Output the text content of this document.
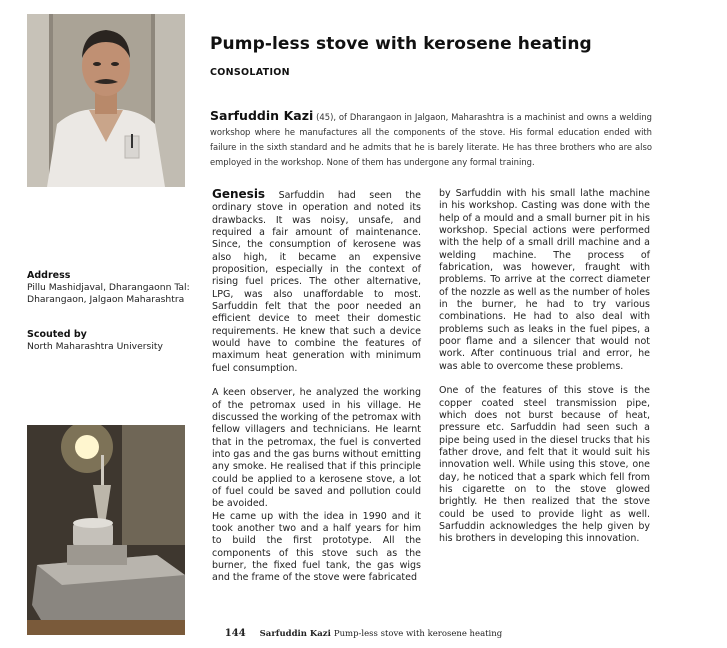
Pump-less stove with kerosene heating
CONSOLATION
Sarfuddin Kazi (45), of Dharangaon in Jalgaon, Maharashtra is a machinist and owns a welding workshop where he manufactures all the components of the stove. His formal education ended with failure in the sixth standard and he admits that he is barely literate. He has three brothers who are also employed in the workshop. None of them has undergone any formal training.
Address
Pillu Mashidjaval, Dharangaonn Tal: Dharangaon, Jalgaon Maharashtra
Scouted by
North Maharashtra University

Genesis Sarfuddin had seen the ordinary stove in operation and noted its drawbacks. It was noisy, unsafe, and required a fair amount of maintenance. Since, the consumption of kerosene was also high, it became an expensive proposition, especially in the context of rising fuel prices. The other alternative, LPG, was also unaffordable to most. Sarfuddin felt that the poor needed an efficient device to meet their domestic requirements. He knew that such a device would have to combine the features of maximum heat generation with minimum fuel consumption.

A keen observer, he analyzed the working of the petromax used in his village. He discussed the working of the petromax with fellow villagers and technicians. He learnt that in the petromax, the fuel is converted into gas and the gas burns without emitting any smoke. He realised that if this principle could be applied to a kerosene stove, a lot of fuel could be saved and pollution could be avoided.

He came up with the idea in 1990 and it took another two and a half years for him to build the first prototype. All the components of this stove such as the burner, the fixed fuel tank, the gas wigs and the frame of the stove were fabricated

by Sarfuddin with his small lathe machine in his workshop. Casting was done with the help of a mould and a small burner pit in his workshop. Special actions were performed with the help of a small drill machine and a welding machine. The process of fabrication, was however, fraught with problems. To arrive at the correct diameter of the nozzle as well as the number of holes in the burner, he had to try various combinations. He had to also deal with problems such as leaks in the fuel pipes, a poor flame and a silencer that would not work. After continuous trial and error, he was able to overcome these problems.

One of the features of this stove is the copper coated steel transmission pipe, which does not burst because of heat, pressure etc. Sarfuddin had seen such a pipe being used in the diesel trucks that his father drove, and felt that it would suit his innovation well. While using this stove, one day, he noticed that a spark which fell from his cigarette on to the stove glowed brightly. He then realized that the stove could be used to provide light as well. Sarfuddin acknowledges the help given by his brothers in developing this innovation.

144 Sarfuddin Kazi Pump-less stove with kerosene heating
